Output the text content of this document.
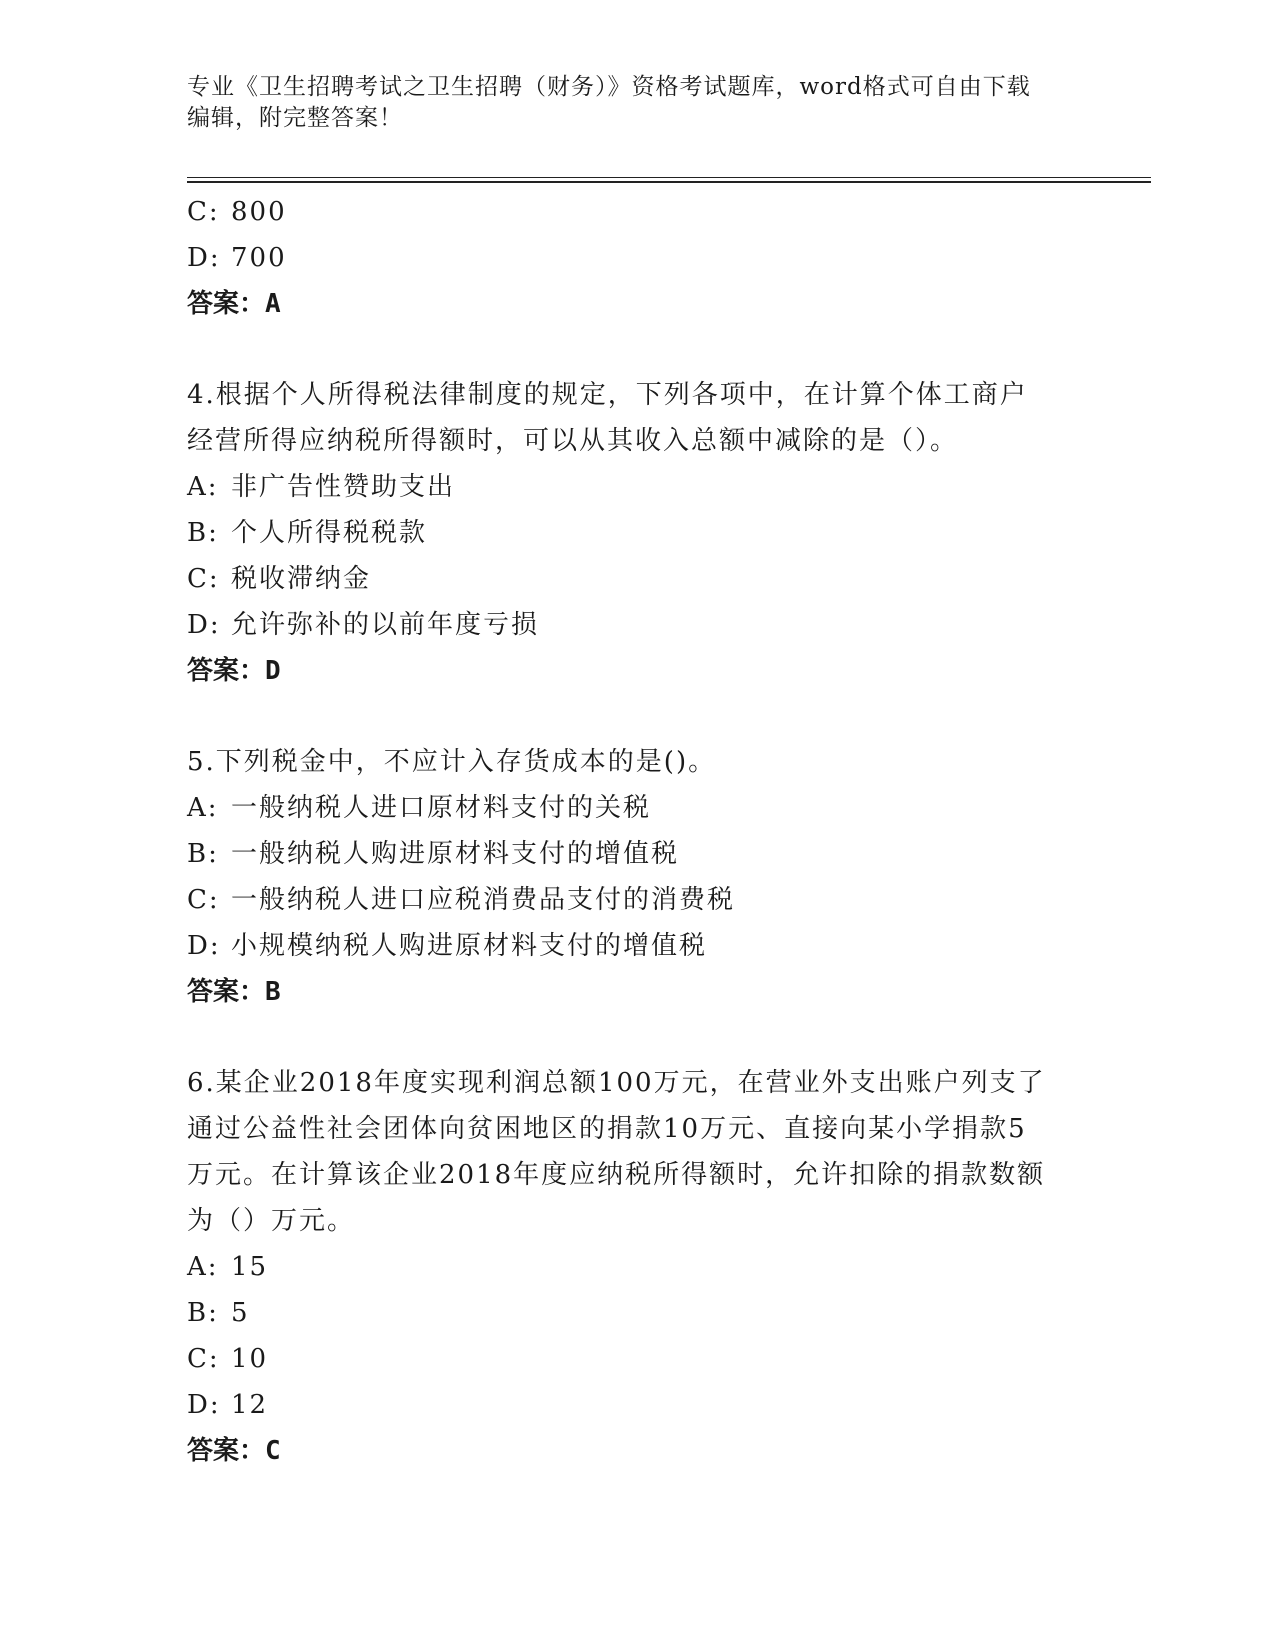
专业《卫生招聘考试之卫生招聘（财务）》资格考试题库，word格式可自由下载
编辑，附完整答案！
C: 800
D: 700
答案：A
4.根据个人所得税法律制度的规定，下列各项中，在计算个体工商户
经营所得应纳税所得额时，可以从其收入总额中减除的是（）。
A: 非广告性赞助支出
B: 个人所得税税款
C: 税收滞纳金
D: 允许弥补的以前年度亏损
答案：D
5.下列税金中，不应计入存货成本的是()。
A: 一般纳税人进口原材料支付的关税
B: 一般纳税人购进原材料支付的增值税
C: 一般纳税人进口应税消费品支付的消费税
D: 小规模纳税人购进原材料支付的增值税
答案：B
6.某企业2018年度实现利润总额100万元，在营业外支出账户列支了
通过公益性社会团体向贫困地区的捐款10万元、直接向某小学捐款5
万元。在计算该企业2018年度应纳税所得额时，允许扣除的捐款数额
为（）万元。
A: 15
B: 5
C: 10
D: 12
答案：C
